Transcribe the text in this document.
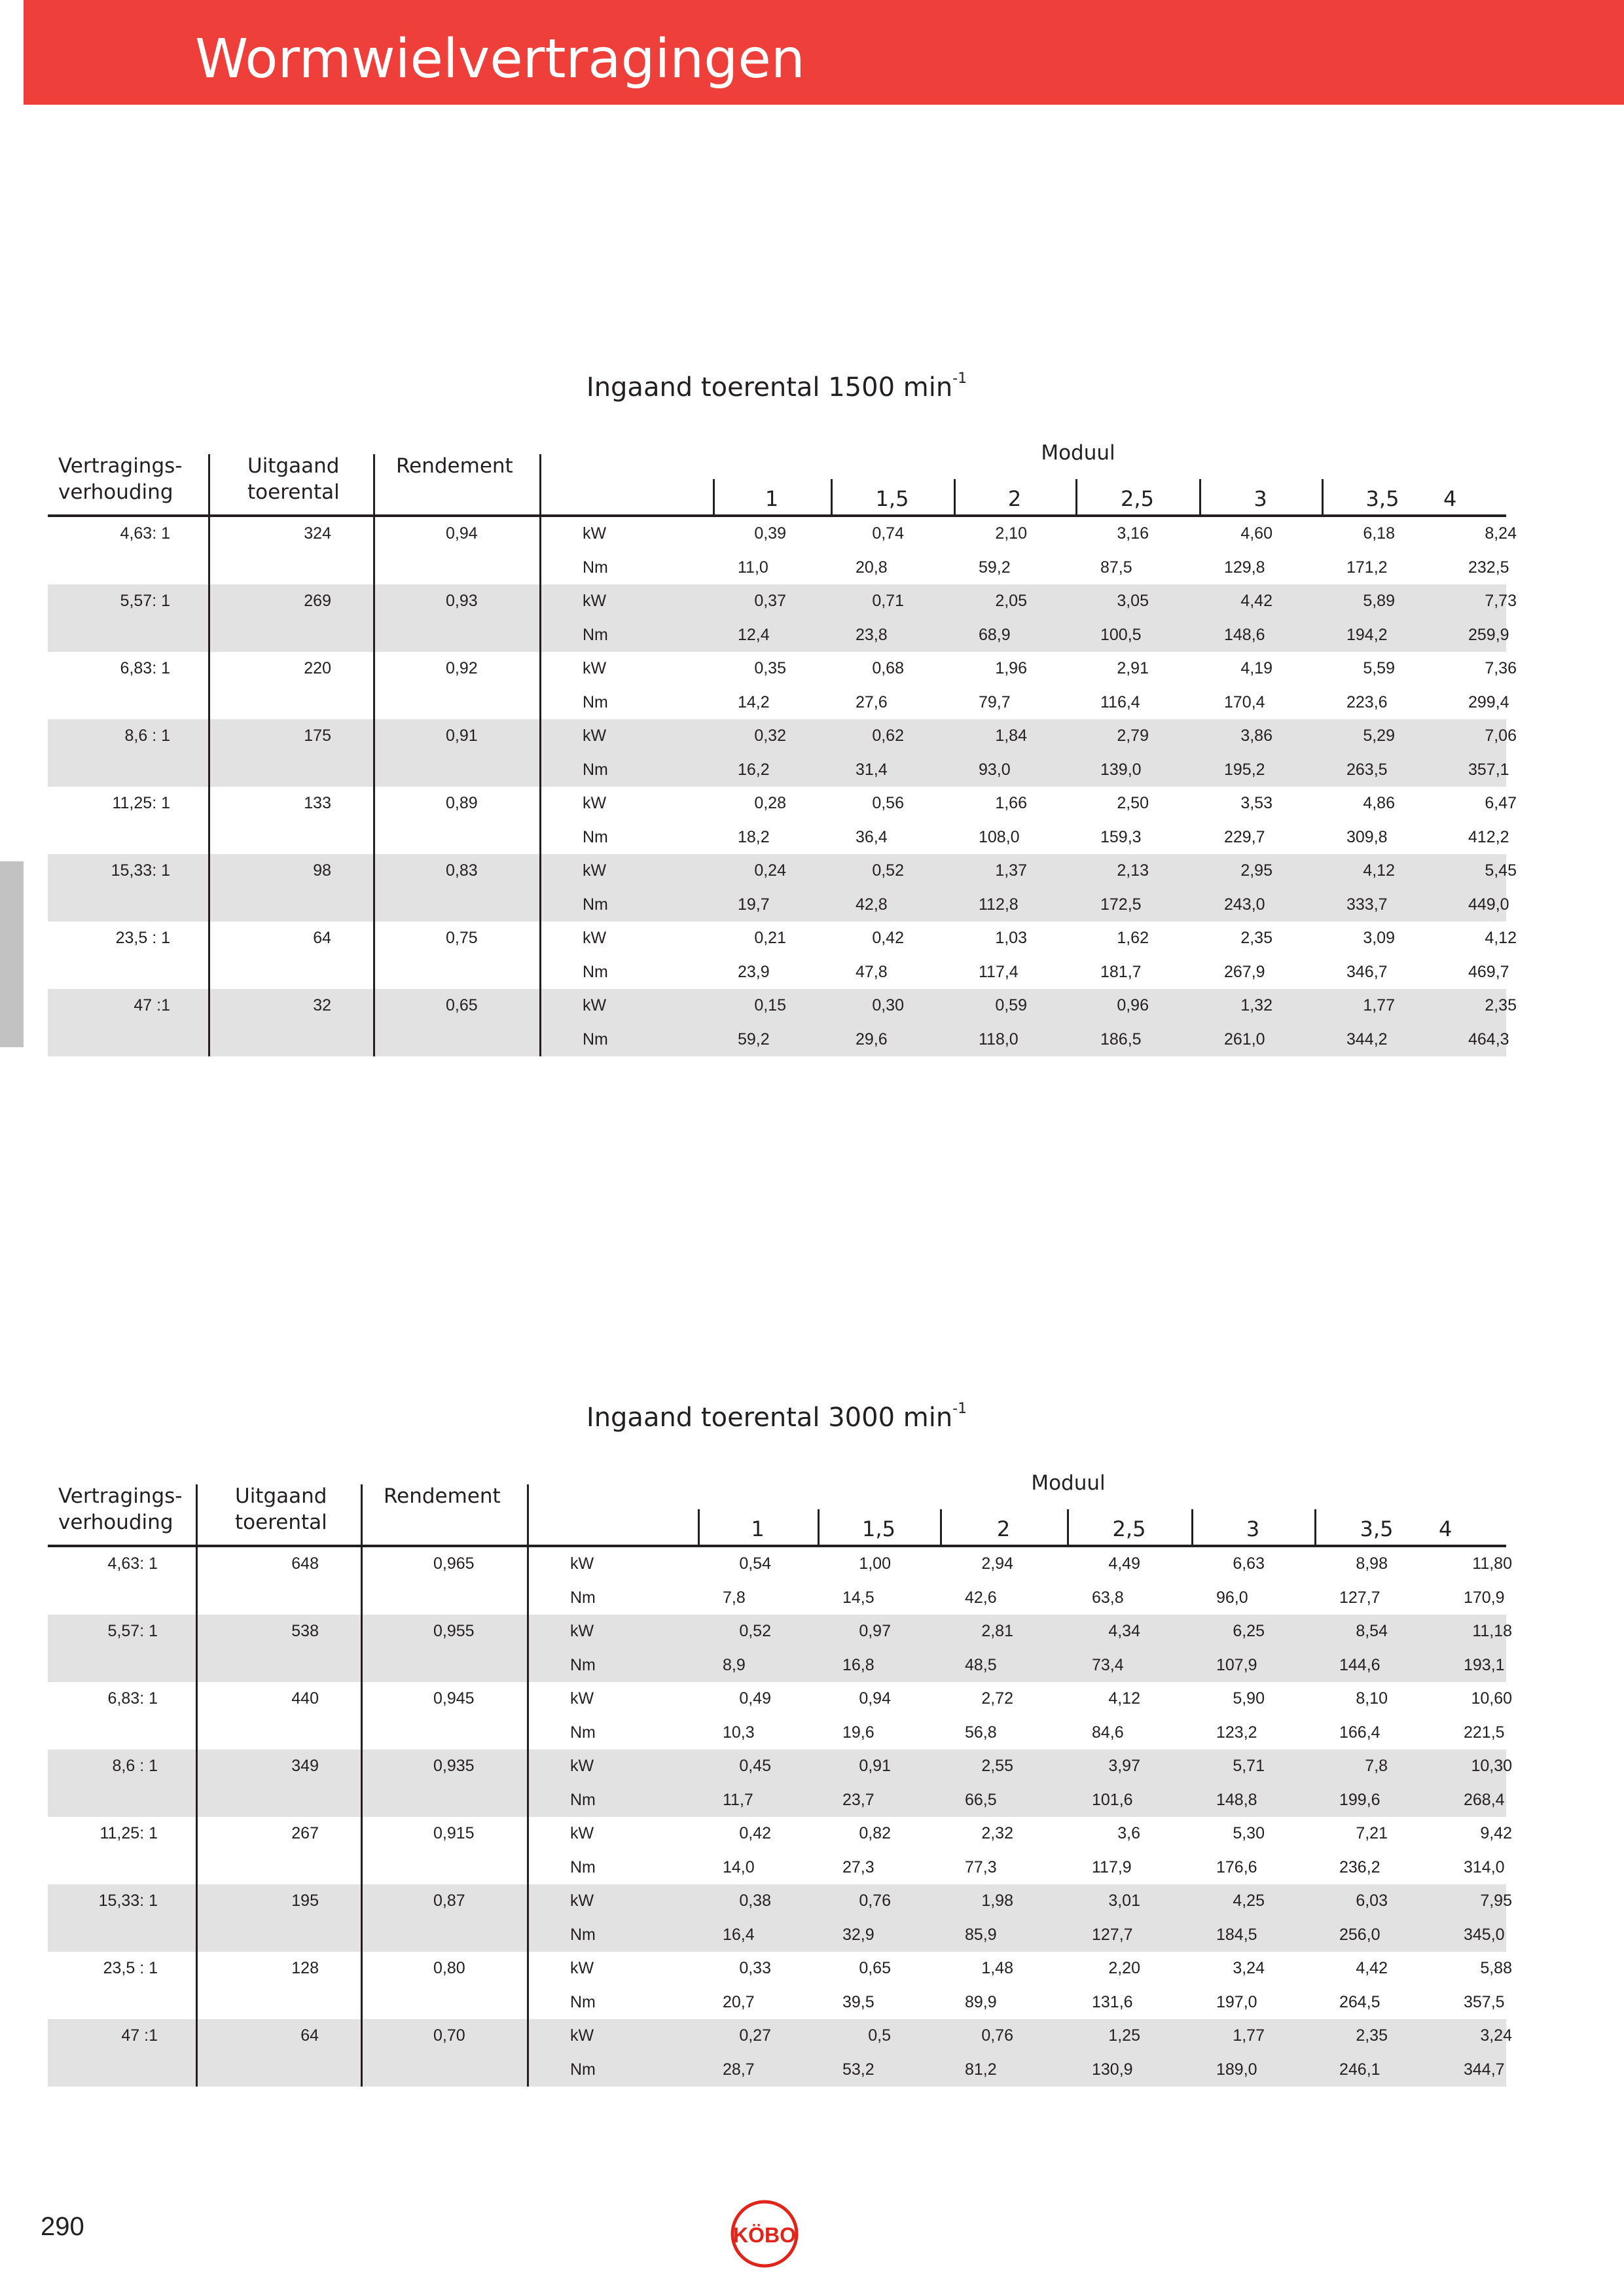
Wormwielvertragingen
Ingaand toerental 1500 $\min^{-1}$
Ingaand toerental 3000 $\min^{-1}$
Vertragings-
verhouding
Uitgaand
toerental
Rendement
Moduul
1	1,5	2	2,5	3	3,5	4
4,63: 1	324	0,94	kW	0,39	0,74	2,10	3,16	4,60	6,18	8,24
Nm	11,0	20,8	59,2	87,5	129,8	171,2	232,5
5,57: 1	269	0,93	kW	0,37	0,71	2,05	3,05	4,42	5,89	7,73
Nm	12,4	23,8	68,9	100,5	148,6	194,2	259,9
6,83: 1	220	0,92	kW	0,35	0,68	1,96	2,91	4,19	5,59	7,36
Nm	14,2	27,6	79,7	116,4	170,4	223,6	299,4
8,6 : 1	175	0,91	kW	0,32	0,62	1,84	2,79	3,86	5,29	7,06
Nm	16,2	31,4	93,0	139,0	195,2	263,5	357,1
11,25: 1	133	0,89	kW	0,28	0,56	1,66	2,50	3,53	4,86	6,47
Nm	18,2	36,4	108,0	159,3	229,7	309,8	412,2
15,33: 1	98	0,83	kW	0,24	0,52	1,37	2,13	2,95	4,12	5,45
Nm	19,7	42,8	112,8	172,5	243,0	333,7	449,0
23,5 : 1	64	0,75	kW	0,21	0,42	1,03	1,62	2,35	3,09	4,12
Nm	23,9	47,8	117,4	181,7	267,9	346,7	469,7
47 :1	32	0,65	kW	0,15	0,30	0,59	0,96	1,32	1,77	2,35
Nm	59,2	29,6	118,0	186,5	261,0	344,2	464,3
Vertragings-
verhouding
Uitgaand
toerental
Rendement
Moduul
1	1,5	2	2,5	3	3,5	4
4,63: 1	648	0,965	kW	0,54	1,00	2,94	4,49	6,63	8,98	11,80
Nm	7,8	14,5	42,6	63,8	96,0	127,7	170,9
5,57: 1	538	0,955	kW	0,52	0,97	2,81	4,34	6,25	8,54	11,18
Nm	8,9	16,8	48,5	73,4	107,9	144,6	193,1
6,83: 1	440	0,945	kW	0,49	0,94	2,72	4,12	5,90	8,10	10,60
Nm	10,3	19,6	56,8	84,6	123,2	166,4	221,5
8,6 : 1	349	0,935	kW	0,45	0,91	2,55	3,97	5,71	7,8	10,30
Nm	11,7	23,7	66,5	101,6	148,8	199,6	268,4
11,25: 1	267	0,915	kW	0,42	0,82	2,32	3,6	5,30	7,21	9,42
Nm	14,0	27,3	77,3	117,9	176,6	236,2	314,0
15,33: 1	195	0,87	kW	0,38	0,76	1,98	3,01	4,25	6,03	7,95
Nm	16,4	32,9	85,9	127,7	184,5	256,0	345,0
23,5 : 1	128	0,80	kW	0,33	0,65	1,48	2,20	3,24	4,42	5,88
Nm	20,7	39,5	89,9	131,6	197,0	264,5	357,5
47 :1	64	0,70	kW	0,27	0,5	0,76	1,25	1,77	2,35	3,24
Nm	28,7	53,2	81,2	130,9	189,0	246,1	344,7
290	KÖBO
